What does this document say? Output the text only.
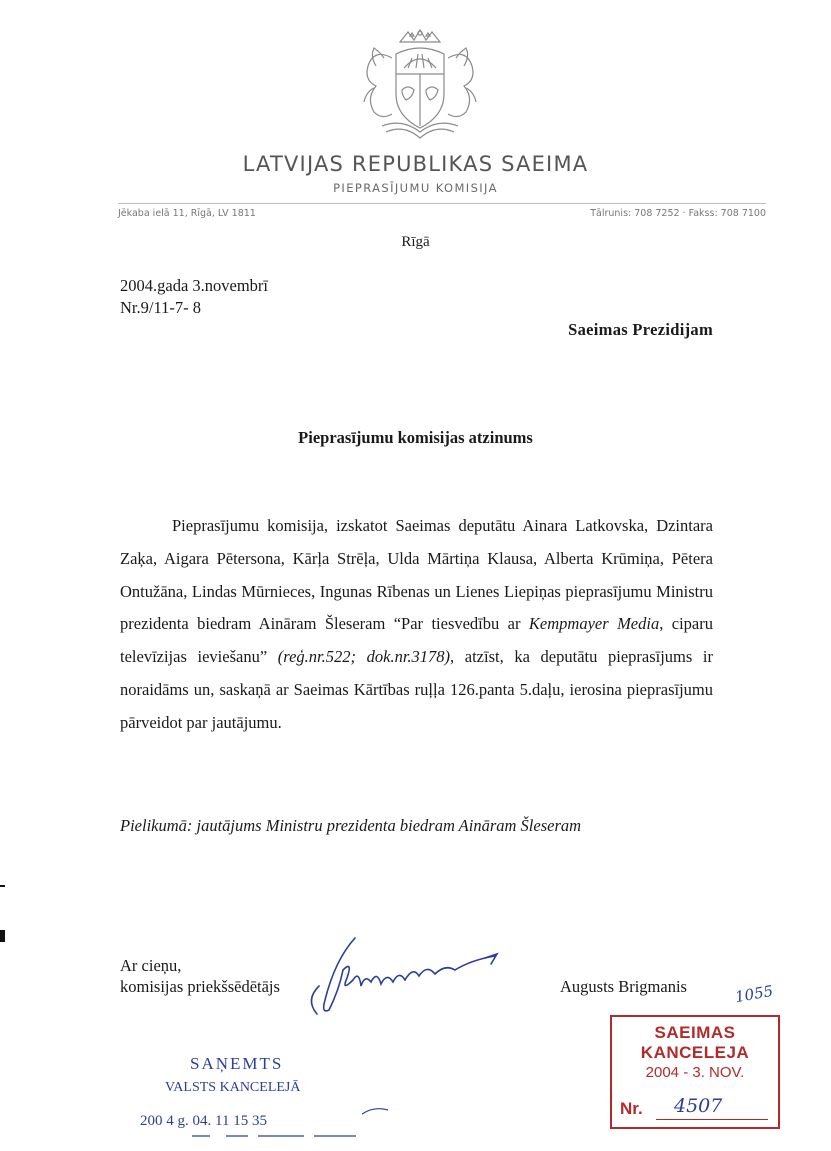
LATVIJAS REPUBLIKAS SAEIMA
PIEPRASĪJUMU KOMISIJA
Jēkaba ielā 11, Rīgā, LV 1811	Tālrunis: 708 7252 · Fakss: 708 7100
Rīgā
2004.gada 3.novembrī
Nr.9/11-7- 8
Saeimas Prezidijam
Pieprasījumu komisijas atzinums

Pieprasījumu komisija, izskatot Saeimas deputātu Ainara Latkovska, Dzintara Zaķa, Aigara Pētersona, Kārļa Strēļa, Ulda Mārtiņa Klausa, Alberta Krūmiņa, Pētera Ontužāna, Lindas Mūrnieces, Ingunas Rībenas un Lienes Liepiņas pieprasījumu Ministru prezidenta biedram Aināram Šleseram “Par tiesvedību ar Kempmayer Media, ciparu televīzijas ieviešanu” (reģ.nr.522; dok.nr.3178), atzīst, ka deputātu pieprasījums ir noraidāms un, saskaņā ar Saeimas Kārtības ruļļa 126.panta 5.daļu, ierosina pieprasījumu pārveidot par jautājumu.

Pielikumā: jautājums Ministru prezidenta biedram Aināram Šleseram
Ar cieņu,
komisijas priekšsēdētājs	Augusts Brigmanis
SAŅEMTS
VALSTS KANCELEJĀ
200 4 g. 04. 11 15 35
SAEIMAS KANCELEJA
2004 - 3. NOV.
Nr. 4507
1055
